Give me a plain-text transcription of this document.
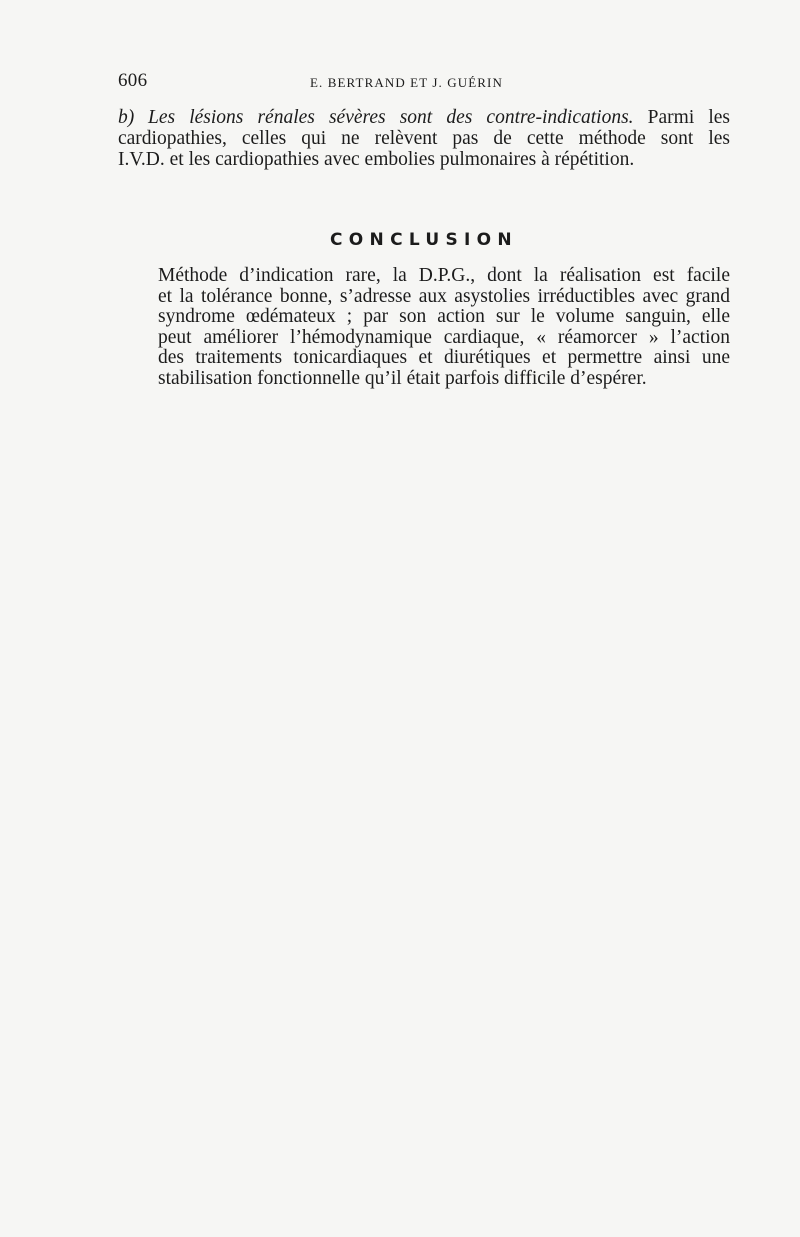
606	E. BERTRAND ET J. GUÉRIN

b) Les lésions rénales sévères sont des contre-indications. Parmi les
cardiopathies, celles qui ne relèvent pas de cette méthode sont les
I.V.D. et les cardiopathies avec embolies pulmonaires à répétition.

CONCLUSION

Méthode d’indication rare, la D.P.G., dont la réalisation est facile
et la tolérance bonne, s’adresse aux asystolies irréductibles avec grand
syndrome œdémateux ; par son action sur le volume sanguin, elle
peut améliorer l’hémodynamique cardiaque, « réamorcer » l’action
des traitements tonicardiaques et diurétiques et permettre ainsi une
stabilisation fonctionnelle qu’il était parfois difficile d’espérer.
